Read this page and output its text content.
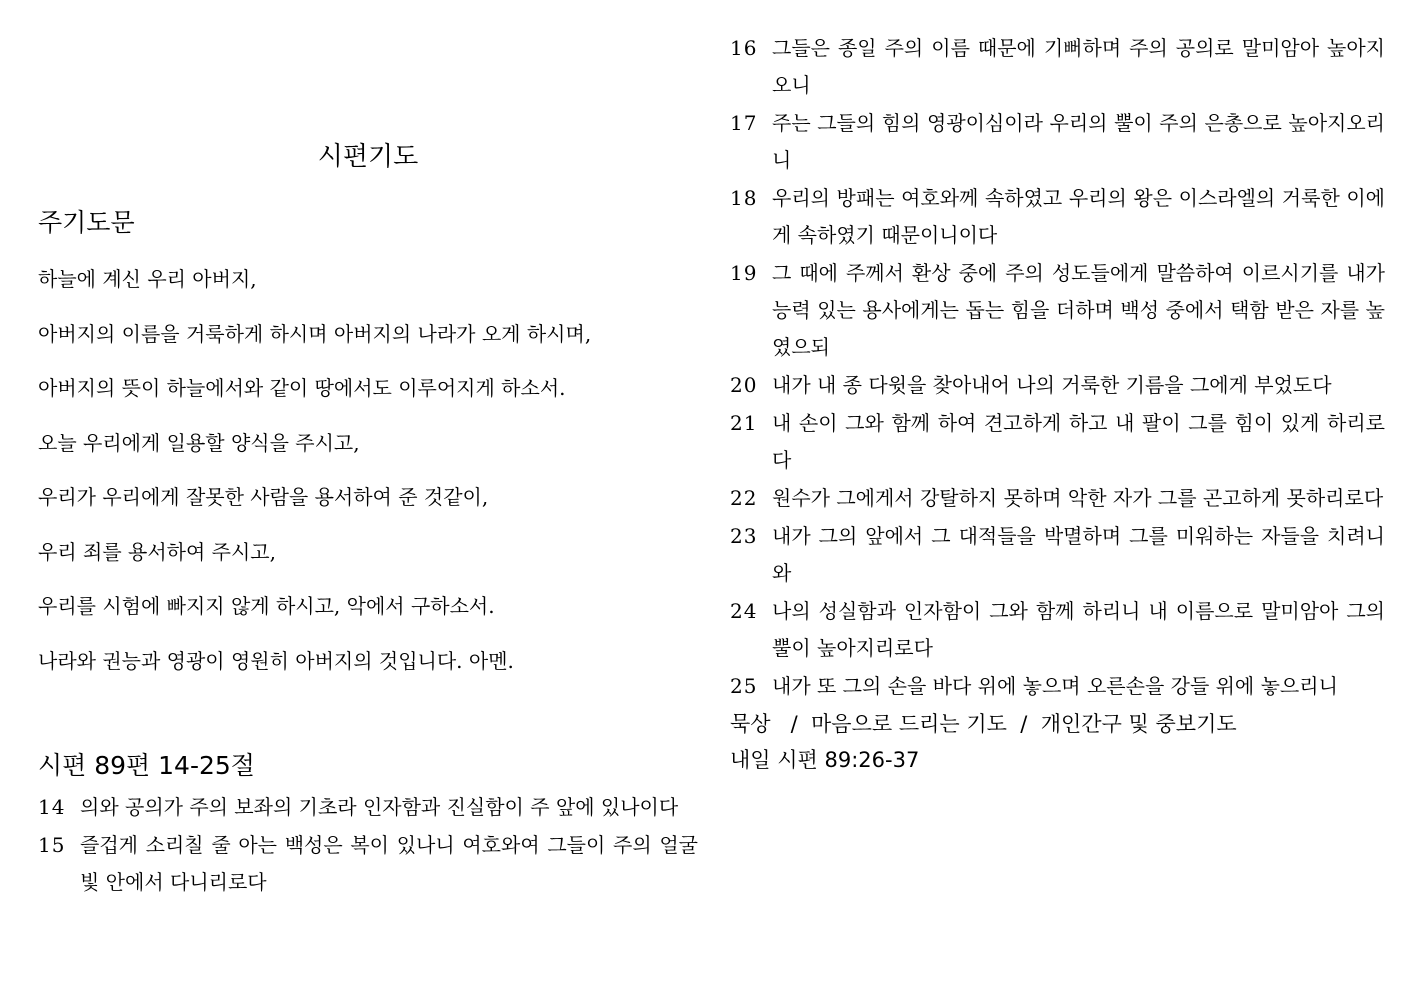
시편기도
주기도문
하늘에 계신 우리 아버지,
아버지의 이름을 거룩하게 하시며 아버지의 나라가 오게 하시며,
아버지의 뜻이 하늘에서와 같이 땅에서도 이루어지게 하소서.
오늘 우리에게 일용할 양식을 주시고,
우리가 우리에게 잘못한 사람을 용서하여 준 것같이,
우리 죄를 용서하여 주시고,
우리를 시험에 빠지지 않게 하시고, 악에서 구하소서.
나라와 권능과 영광이 영원히 아버지의 것입니다. 아멘.
시편 89편 14-25절
14 의와 공의가 주의 보좌의 기초라 인자함과 진실함이 주 앞에 있나이다
15 즐겁게 소리칠 줄 아는 백성은 복이 있나니 여호와여 그들이 주의 얼굴 빛 안에서 다니리로다
16 그들은 종일 주의 이름 때문에 기뻐하며 주의 공의로 말미암아 높아지오니
17 주는 그들의 힘의 영광이심이라 우리의 뿔이 주의 은총으로 높아지오리니
18 우리의 방패는 여호와께 속하였고 우리의 왕은 이스라엘의 거룩한 이에게 속하였기 때문이니이다
19 그 때에 주께서 환상 중에 주의 성도들에게 말씀하여 이르시기를 내가 능력 있는 용사에게는 돕는 힘을 더하며 백성 중에서 택함 받은 자를 높였으되
20 내가 내 종 다윗을 찾아내어 나의 거룩한 기름을 그에게 부었도다
21 내 손이 그와 함께 하여 견고하게 하고 내 팔이 그를 힘이 있게 하리로다
22 원수가 그에게서 강탈하지 못하며 악한 자가 그를 곤고하게 못하리로다
23 내가 그의 앞에서 그 대적들을 박멸하며 그를 미워하는 자들을 치려니와
24 나의 성실함과 인자함이 그와 함께 하리니 내 이름으로 말미암아 그의 뿔이 높아지리로다
25 내가 또 그의 손을 바다 위에 놓으며 오른손을 강들 위에 놓으리니
묵상   /  마음으로 드리는 기도  /  개인간구 및 중보기도
내일 시편 89:26-37
